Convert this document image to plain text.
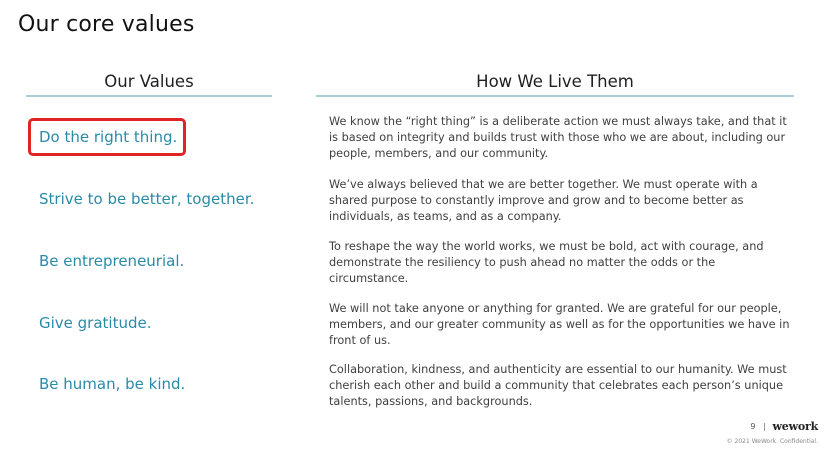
Our core values
Our Values	How We Live Them
Do the right thing.
We know the “right thing” is a deliberate action we must always take, and that it is based on integrity and builds trust with those who we are about, including our people, members, and our community.
Strive to be better, together.
We’ve always believed that we are better together. We must operate with a shared purpose to constantly improve and grow and to become better as individuals, as teams, and as a company.
Be entrepreneurial.
To reshape the way the world works, we must be bold, act with courage, and demonstrate the resiliency to push ahead no matter the odds or the circumstance.
Give gratitude.
We will not take anyone or anything for granted. We are grateful for our people, members, and our greater community as well as for the opportunities we have in front of us.
Be human, be kind.
Collaboration, kindness, and authenticity are essential to our humanity. We must cherish each other and build a community that celebrates each person’s unique talents, passions, and backgrounds.
9 wework
© 2021 WeWork. Confidential.
